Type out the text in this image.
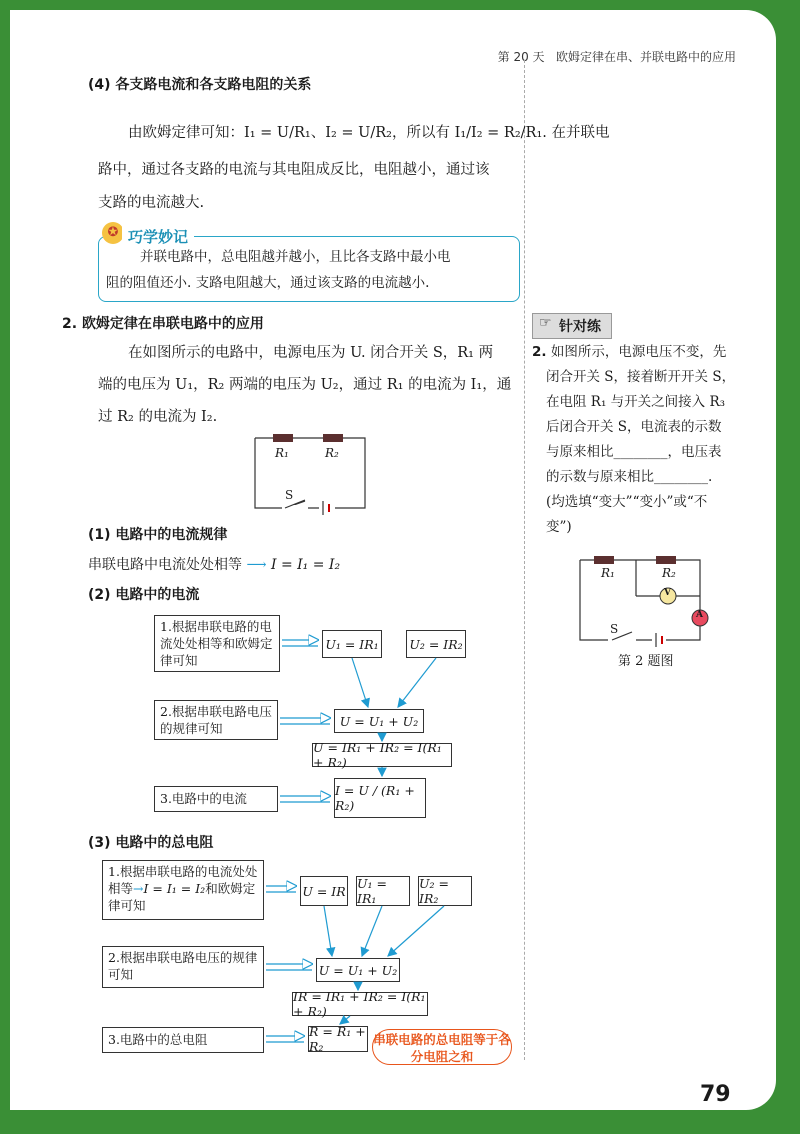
第 20 天 欧姆定律在串、并联电路中的应用
(4) 各支路电流和各支路电阻的关系
由欧姆定律可知：I₁ = U/R₁、I₂ = U/R₂，所以有 I₁/I₂ = R₂/R₁. 在并联电
路中，通过各支路的电流与其电阻成反比，电阻越小，通过该
支路的电流越大.
✪ 巧学妙记
并联电路中，总电阻越并越小，且比各支路中最小电
阻的阻值还小. 支路电阻越大，通过该支路的电流越小.
2. 欧姆定律在串联电路中的应用
在如图所示的电路中，电源电压为 U. 闭合开关 S，R₁ 两
端的电压为 U₁，R₂ 两端的电压为 U₂，通过 R₁ 的电流为 I₁，通
过 R₂ 的电流为 I₂.
R₁	R₂
S
(1) 电路中的电流规律
串联电路中电流处处相等 ⟶ I = I₁ = I₂
(2) 电路中的电流
1.根据串联电路的电流处处相等和欧姆定律可知
U₁ = IR₁ U₂ = IR₂
2.根据串联电路电压的规律可知	U = U₁ + U₂
U = IR₁ + IR₂ = I(R₁ + R₂)
3.电路中的电流
I = U / (R₁ + R₂)
(3) 电路中的总电阻
1.根据串联电路的电流处处相等→I = I₁ = I₂和欧姆定律可知
U = IR U₁ = IR₁
U₂ = IR₂
2.根据串联电路电压的规律可知	U = U₁ + U₂
IR = IR₁ + IR₂ = I(R₁ + R₂)
3.电路中的总电阻
R = R₁ + R₂	串联电路的总电阻等于各分电阻之和
☞ 针对练
2. 如图所示，电源电压不变，先
闭合开关 S，接着断开开关 S，
在电阻 R₁ 与开关之间接入 R₃
后闭合开关 S，电流表的示数
与原来相比________，电压表
的示数与原来相比________.
(均选填“变大”“变小”或“不
变”)
R₁	R₂
V
A
S
第 2 题图
79
